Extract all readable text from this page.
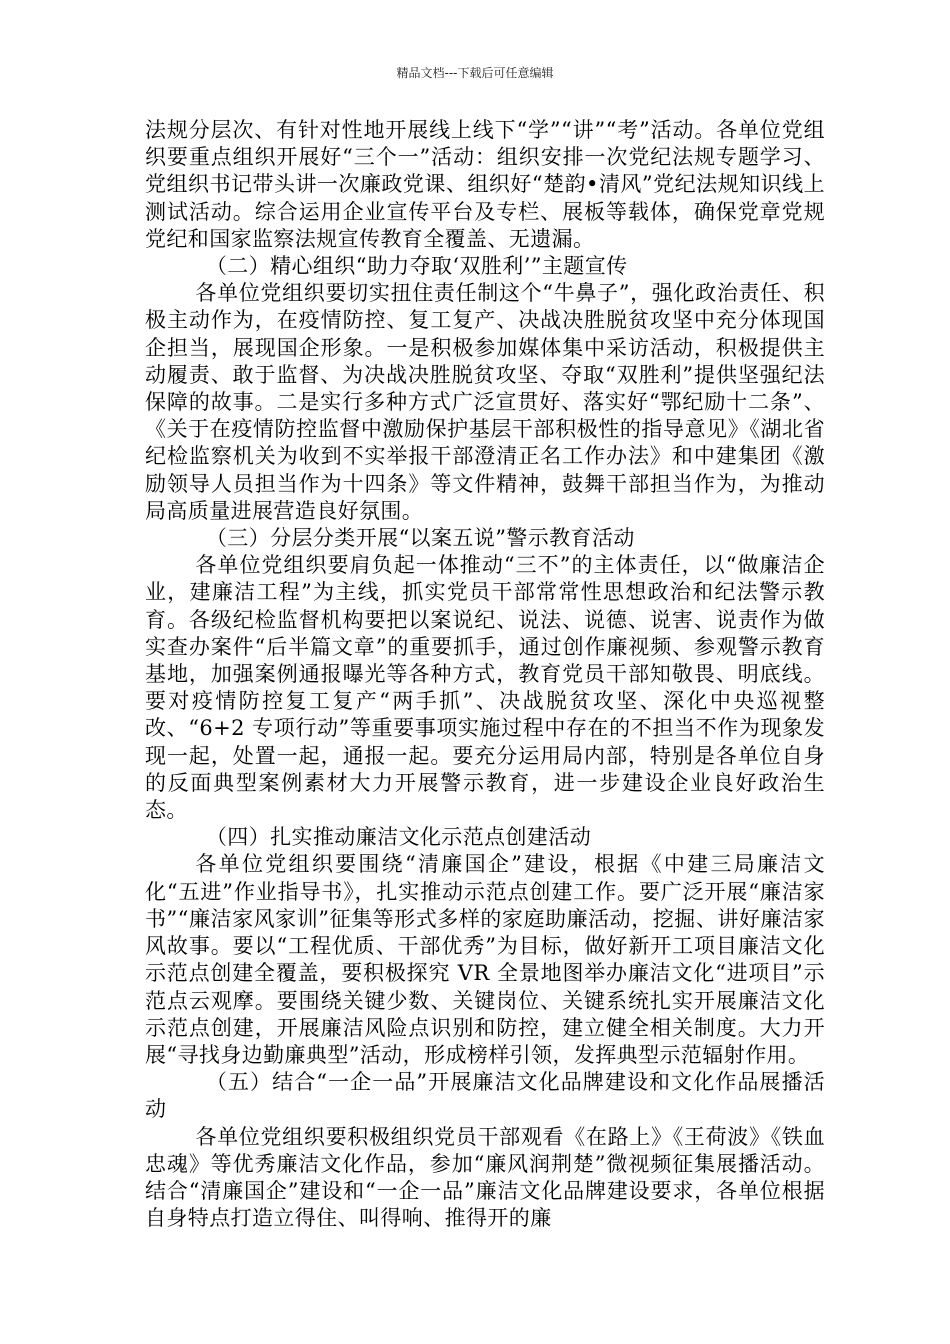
精品文档---下载后可任意编辑

法规分层次、有针对性地开展线上线下“学”“讲”“考”活动。各单位党组织要重点组织开展好“三个一”活动：组织安排一次党纪法规专题学习、党组织书记带头讲一次廉政党课、组织好“楚韵•清风”党纪法规知识线上测试活动。综合运用企业宣传平台及专栏、展板等载体，确保党章党规党纪和国家监察法规宣传教育全覆盖、无遗漏。

（二）精心组织“助力夺取‘双胜利’”主题宣传

各单位党组织要切实扭住责任制这个“牛鼻子”，强化政治责任、积极主动作为，在疫情防控、复工复产、决战决胜脱贫攻坚中充分体现国企担当，展现国企形象。一是积极参加媒体集中采访活动，积极提供主动履责、敢于监督、为决战决胜脱贫攻坚、夺取“双胜利”提供坚强纪法保障的故事。二是实行多种方式广泛宣贯好、落实好“鄂纪励十二条”、《关于在疫情防控监督中激励保护基层干部积极性的指导意见》《湖北省纪检监察机关为收到不实举报干部澄清正名工作办法》和中建集团《激励领导人员担当作为十四条》等文件精神，鼓舞干部担当作为，为推动局高质量进展营造良好氛围。

（三）分层分类开展“以案五说”警示教育活动

各单位党组织要肩负起一体推动“三不”的主体责任，以“做廉洁企业，建廉洁工程”为主线，抓实党员干部常常性思想政治和纪法警示教育。各级纪检监督机构要把以案说纪、说法、说德、说害、说责作为做实查办案件“后半篇文章”的重要抓手，通过创作廉视频、参观警示教育基地，加强案例通报曝光等各种方式，教育党员干部知敬畏、明底线。要对疫情防控复工复产“两手抓”、决战脱贫攻坚、深化中央巡视整改、“6+2 专项行动”等重要事项实施过程中存在的不担当不作为现象发现一起，处置一起，通报一起。要充分运用局内部，特别是各单位自身的反面典型案例素材大力开展警示教育，进一步建设企业良好政治生态。

（四）扎实推动廉洁文化示范点创建活动

各单位党组织要围绕“清廉国企”建设，根据《中建三局廉洁文化“五进”作业指导书》，扎实推动示范点创建工作。要广泛开展“廉洁家书”“廉洁家风家训”征集等形式多样的家庭助廉活动，挖掘、讲好廉洁家风故事。要以“工程优质、干部优秀”为目标，做好新开工项目廉洁文化示范点创建全覆盖，要积极探究 VR 全景地图举办廉洁文化“进项目”示范点云观摩。要围绕关键少数、关键岗位、关键系统扎实开展廉洁文化示范点创建，开展廉洁风险点识别和防控，建立健全相关制度。大力开展“寻找身边勤廉典型”活动，形成榜样引领，发挥典型示范辐射作用。

（五）结合“一企一品”开展廉洁文化品牌建设和文化作品展播活动

各单位党组织要积极组织党员干部观看《在路上》《王荷波》《铁血忠魂》等优秀廉洁文化作品，参加“廉风润荆楚”微视频征集展播活动。结合“清廉国企”建设和“一企一品”廉洁文化品牌建设要求，各单位根据自身特点打造立得住、叫得响、推得开的廉
